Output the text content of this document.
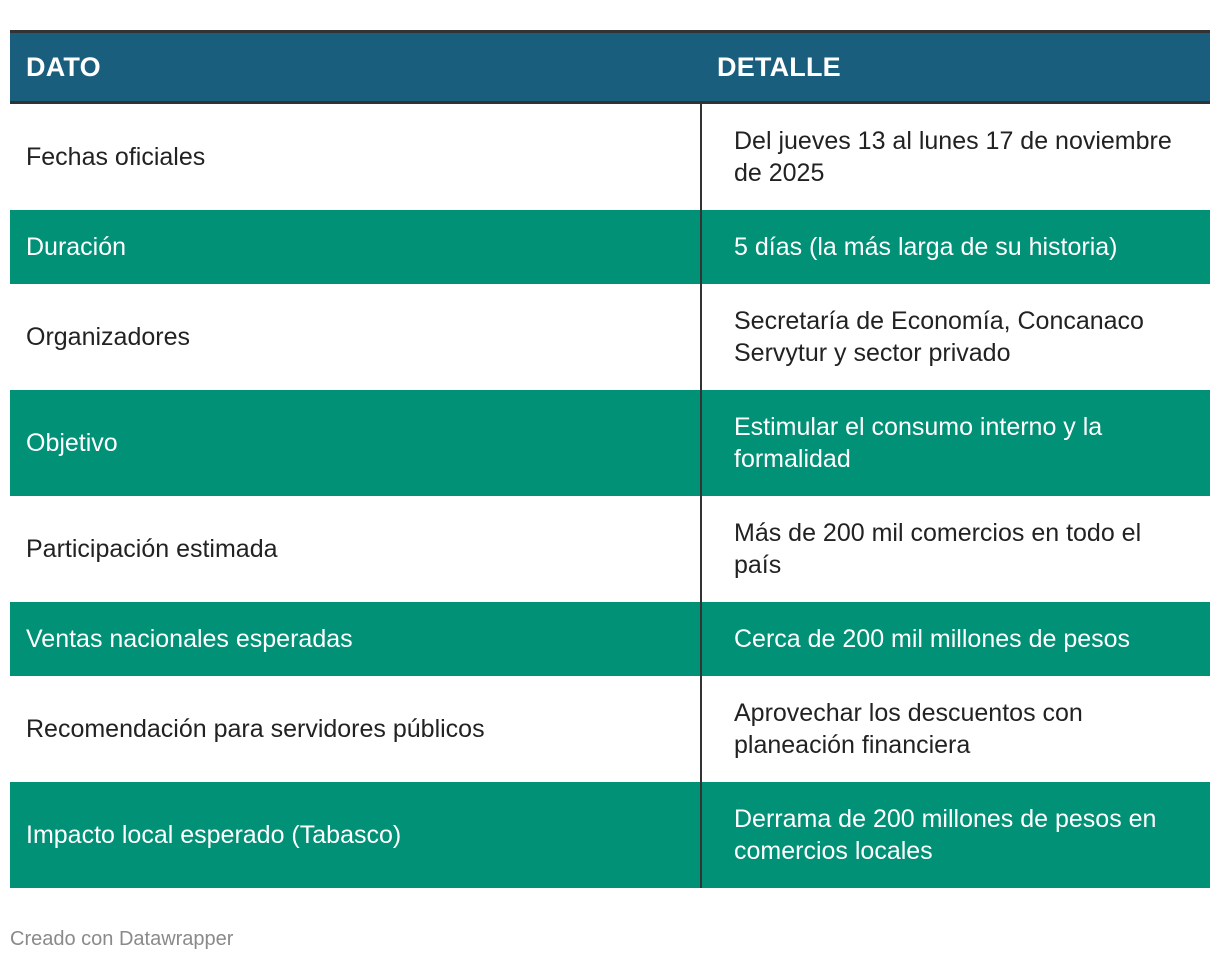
DATO	DETALLE
Fechas oficiales	Del jueves 13 al lunes 17 de noviembre de 2025
Duración	5 días (la más larga de su historia)
Organizadores	Secretaría de Economía, Concanaco Servytur y sector privado
Objetivo	Estimular el consumo interno y la formalidad
Participación estimada	Más de 200 mil comercios en todo el país
Ventas nacionales esperadas	Cerca de 200 mil millones de pesos
Recomendación para servidores públicos	Aprovechar los descuentos con planeación financiera
Impacto local esperado (Tabasco)	Derrama de 200 millones de pesos en comercios locales
Creado con Datawrapper
